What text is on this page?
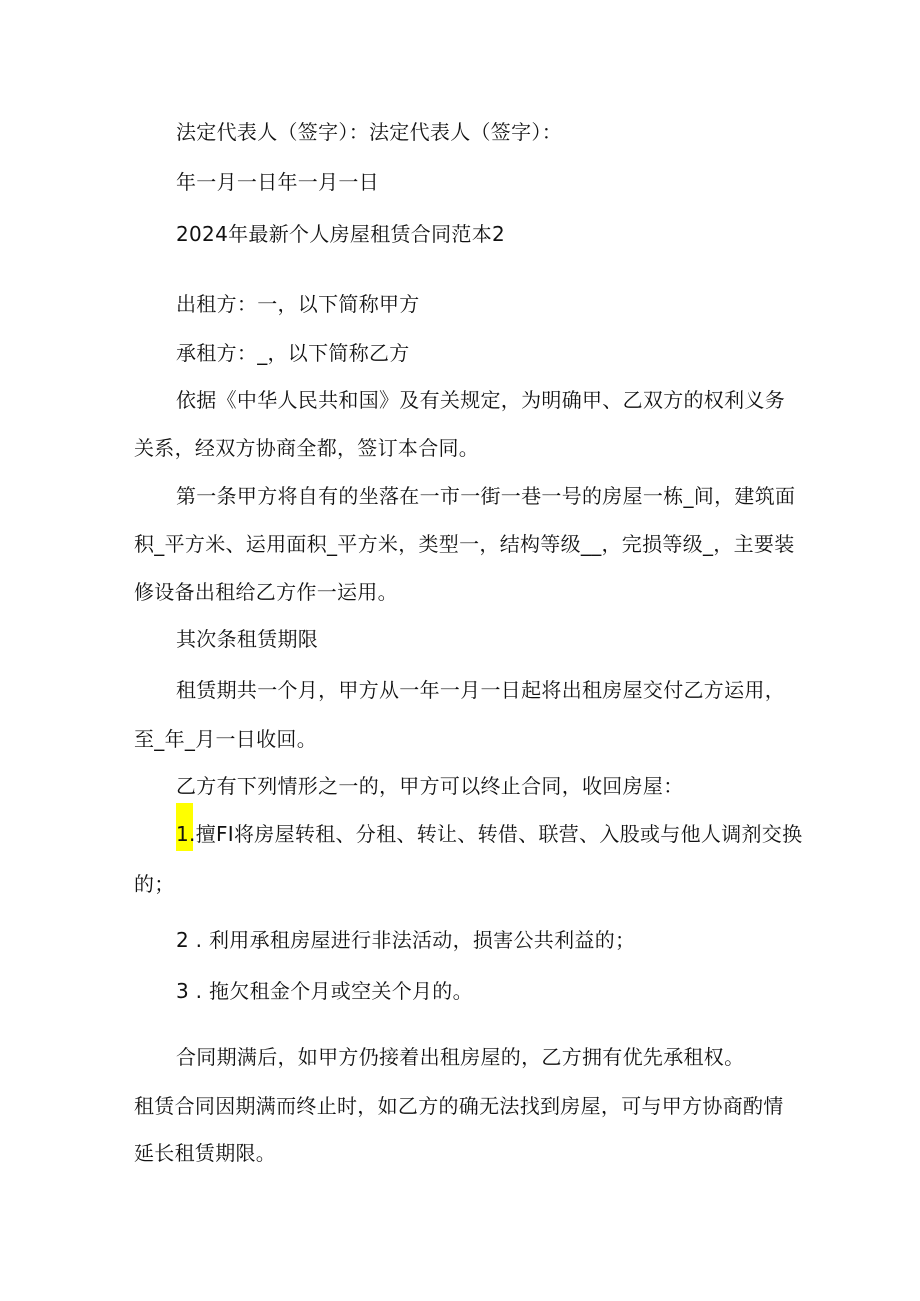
法定代表人（签字）：法定代表人（签字）：
年一月一日年一月一日
2024年最新个人房屋租赁合同范本2
出租方：一，以下简称甲方
承租方：_，以下简称乙方
依据《中华人民共和国》及有关规定，为明确甲、乙双方的权利义务
关系，经双方协商全都，签订本合同。
第一条甲方将自有的坐落在一市一街一巷一号的房屋一栋_间，建筑面
积_平方米、运用面积_平方米，类型一，结构等级__，完损等级_，主要装
修设备出租给乙方作一运用。
其次条租赁期限
租赁期共一个月，甲方从一年一月一日起将出租房屋交付乙方运用，
至_年_月一日收回。
乙方有下列情形之一的，甲方可以终止合同，收回房屋：
1.擅FI将房屋转租、分租、转让、转借、联营、入股或与他人调剂交换
的；
2 . 利用承租房屋进行非法活动，损害公共利益的；
3 . 拖欠租金个月或空关个月的。
合同期满后，如甲方仍接着出租房屋的，乙方拥有优先承租权。
租赁合同因期满而终止时，如乙方的确无法找到房屋，可与甲方协商酌情
延长租赁期限。
